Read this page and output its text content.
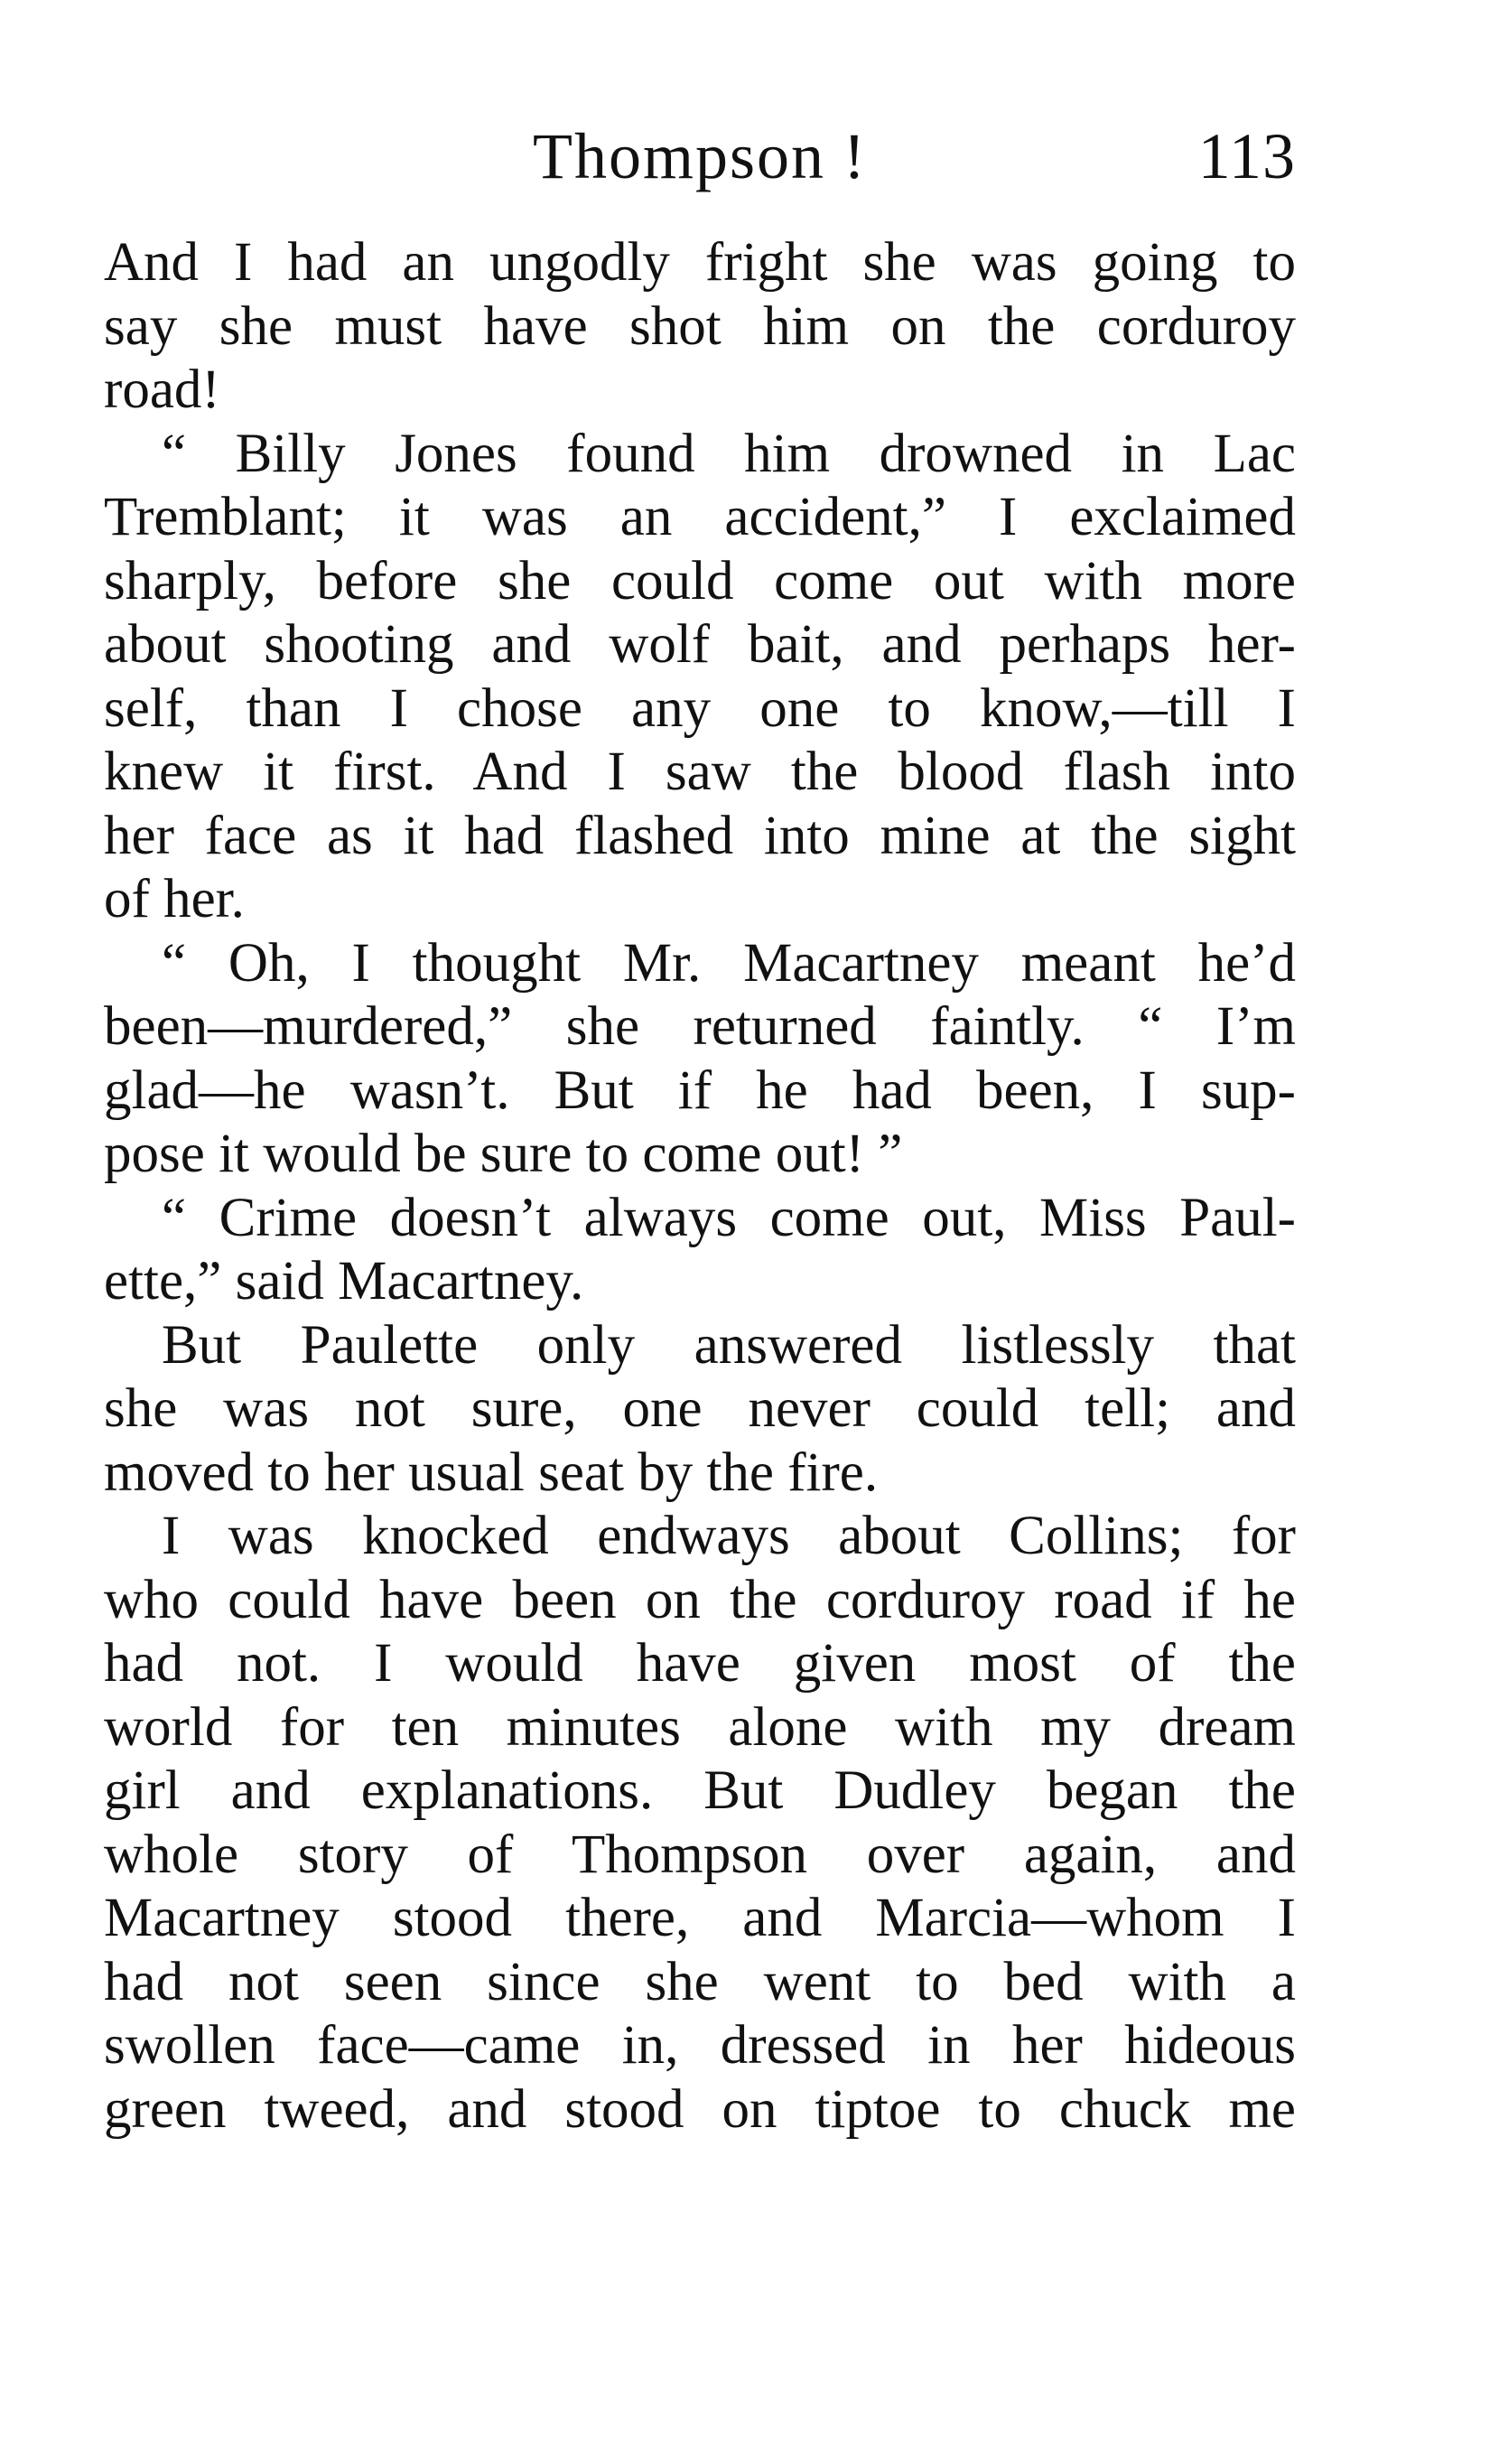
Thompson !	113
And I had an ungodly fright she was going to
say she must have shot him on the corduroy
road!
“ Billy Jones found him drowned in Lac
Tremblant; it was an accident,” I exclaimed
sharply, before she could come out with more
about shooting and wolf bait, and perhaps her-
self, than I chose any one to know,—till I
knew it first. And I saw the blood flash into
her face as it had flashed into mine at the sight
of her.
“ Oh, I thought Mr. Macartney meant he’d
been—murdered,” she returned faintly. “ I’m
glad—he wasn’t. But if he had been, I sup-
pose it would be sure to come out! ”
“ Crime doesn’t always come out, Miss Paul-
ette,” said Macartney.
But Paulette only answered listlessly that
she was not sure, one never could tell; and
moved to her usual seat by the fire.
I was knocked endways about Collins; for
who could have been on the corduroy road if he
had not. I would have given most of the
world for ten minutes alone with my dream
girl and explanations. But Dudley began the
whole story of Thompson over again, and
Macartney stood there, and Marcia—whom I
had not seen since she went to bed with a
swollen face—came in, dressed in her hideous
green tweed, and stood on tiptoe to chuck me
